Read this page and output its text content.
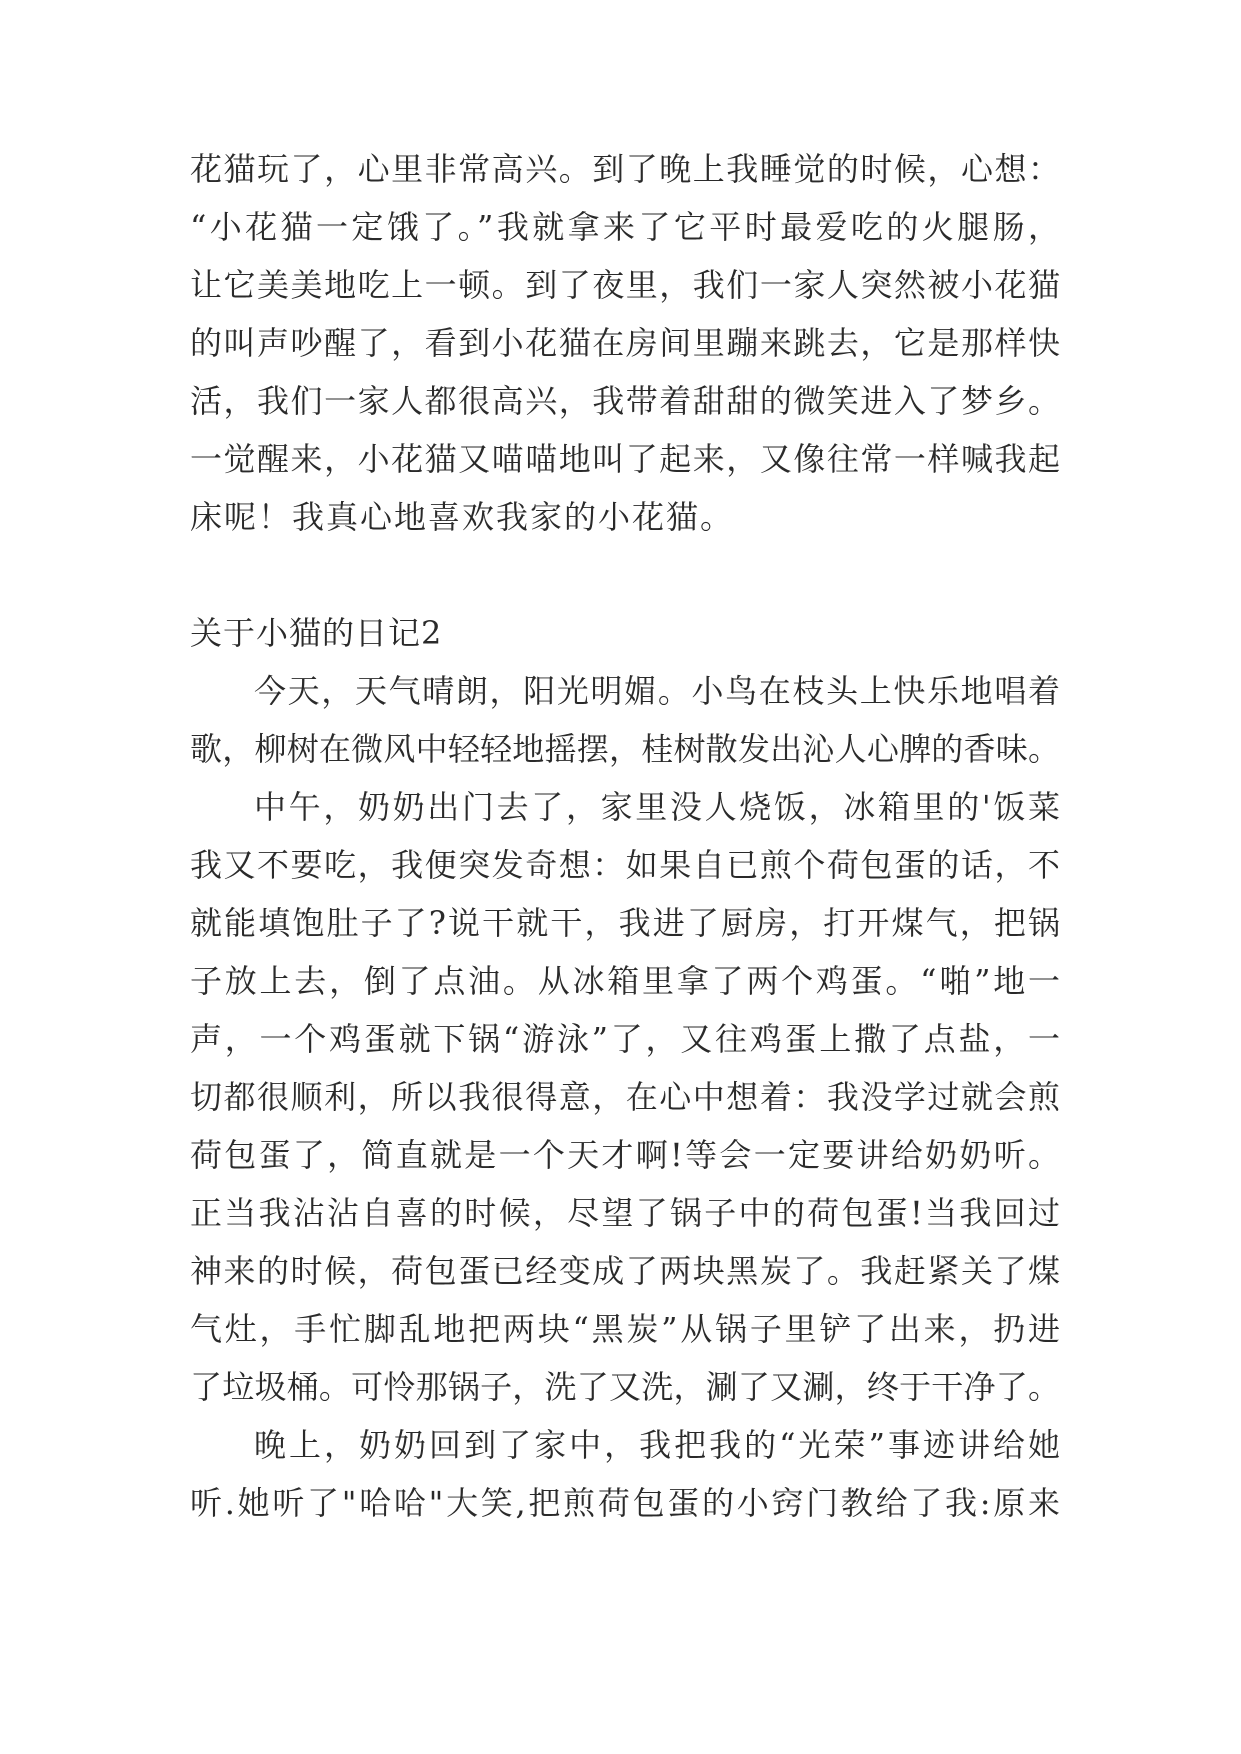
花猫玩了，心里非常高兴。到了晚上我睡觉的时候，心想：
“小花猫一定饿了。”我就拿来了它平时最爱吃的火腿肠，
让它美美地吃上一顿。到了夜里，我们一家人突然被小花猫
的叫声吵醒了，看到小花猫在房间里蹦来跳去，它是那样快
活，我们一家人都很高兴，我带着甜甜的微笑进入了梦乡。
一觉醒来，小花猫又喵喵地叫了起来，又像往常一样喊我起
床呢！我真心地喜欢我家的小花猫。
关于小猫的日记2
今天，天气晴朗，阳光明媚。小鸟在枝头上快乐地唱着
歌，柳树在微风中轻轻地摇摆，桂树散发出沁人心脾的香味。
中午，奶奶出门去了，家里没人烧饭，冰箱里的'饭菜
我又不要吃，我便突发奇想：如果自已煎个荷包蛋的话，不
就能填饱肚子了?说干就干，我进了厨房，打开煤气，把锅
子放上去，倒了点油。从冰箱里拿了两个鸡蛋。“啪”地一
声，一个鸡蛋就下锅“游泳”了，又往鸡蛋上撒了点盐，一
切都很顺利，所以我很得意，在心中想着：我没学过就会煎
荷包蛋了，简直就是一个天才啊!等会一定要讲给奶奶听。
正当我沾沾自喜的时候，尽望了锅子中的荷包蛋!当我回过
神来的时候，荷包蛋已经变成了两块黑炭了。我赶紧关了煤
气灶，手忙脚乱地把两块“黑炭”从锅子里铲了出来，扔进
了垃圾桶。可怜那锅子，洗了又洗，涮了又涮，终于干净了。
晚上，奶奶回到了家中，我把我的“光荣”事迹讲给她
听.她听了"哈哈"大笑,把煎荷包蛋的小窍门教给了我:原来
